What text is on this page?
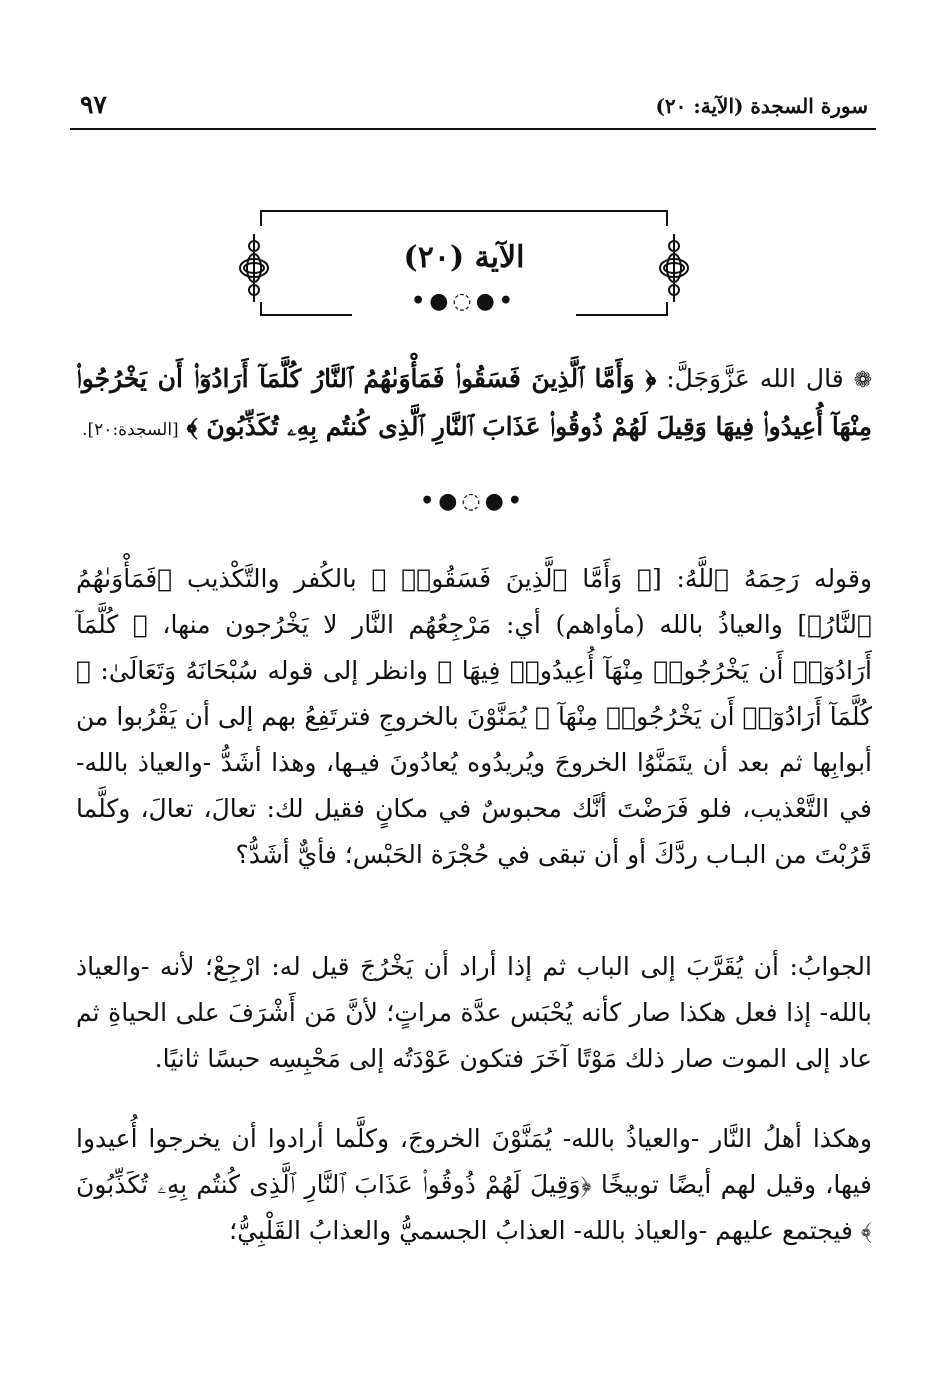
سورة السجدة (الآية: ٢٠)
٩٧
الآية (٢٠)
•●◌●•
❁ قال الله عَزَّوَجَلَّ: ﴿ وَأَمَّا ٱلَّذِينَ فَسَقُوا۟ فَمَأْوَىٰهُمُ ٱلنَّارُ كُلَّمَآ أَرَادُوٓا۟ أَن يَخْرُجُوا۟ مِنْهَآ أُعِيدُوا۟ فِيهَا وَقِيلَ لَهُمْ ذُوقُوا۟ عَذَابَ ٱلنَّارِ ٱلَّذِى كُنتُم بِهِۦ تُكَذِّبُونَ ﴾ [السجدة:٢٠].
•●◌●•
وقوله رَحِمَهُ ٱللَّهُ: [﴿ وَأَمَّا ٱلَّذِينَ فَسَقُوا۟ ﴾ بالكُفر والتَّكْذيب ﴿فَمَأْوَىٰهُمُ ٱلنَّارُ﴾] والعياذُ بالله (مأواهم) أي: مَرْجِعُهُم النَّار لا يَخْرُجون منها، ﴿ كُلَّمَآ أَرَادُوٓا۟ أَن يَخْرُجُوا۟ مِنْهَآ أُعِيدُوا۟ فِيهَا ﴾ وانظر إلى قوله سُبْحَانَهُ وَتَعَالَىٰ: ﴿ كُلَّمَآ أَرَادُوٓا۟ أَن يَخْرُجُوا۟ مِنْهَآ ﴾ يُمَنَّوْنَ بالخروجِ فترتَفِعُ بهم إلى أن يَقْرُبوا من أبوابِها ثم بعد أن يتَمَنَّوُا الخروجَ ويُريدُوه يُعادُونَ فيـها، وهذا أشَدُّ -والعياذ بالله- في التَّعْذيب، فلو فَرَضْتَ أنَّك محبوسٌ في مكانٍ فقيل لك: تعالَ، تعالَ، وكلَّما قَرُبْتَ من البـاب ردَّكَ أو أن تبقى في حُجْرَة الحَبْس؛ فأيٌّ أشَدُّ؟
الجوابُ: أن يُقَرَّبَ إلى الباب ثم إذا أراد أن يَخْرُجَ قيل له: ارْجِعْ؛ لأنه -والعياذ بالله- إذا فعل هكذا صار كأنه يُحْبَس عدَّة مراتٍ؛ لأنَّ مَن أَشْرَفَ على الحياةِ ثم عاد إلى الموت صار ذلك مَوْتًا آخَرَ فتكون عَوْدَتُه إلى مَحْبِسِه حبسًا ثانيًا.
وهكذا أهلُ النَّار -والعياذُ بالله- يُمَنَّوْنَ الخروجَ، وكلَّما أرادوا أن يخرجوا أُعيدوا فيها، وقيل لهم أيضًا توبيخًا ﴿وَقِيلَ لَهُمْ ذُوقُوا۟ عَذَابَ ٱلنَّارِ ٱلَّذِى كُنتُم بِهِۦ تُكَذِّبُونَ ﴾ فيجتمع عليهم -والعياذ بالله- العذابُ الجسميُّ والعذابُ القَلْبِيُّ؛
